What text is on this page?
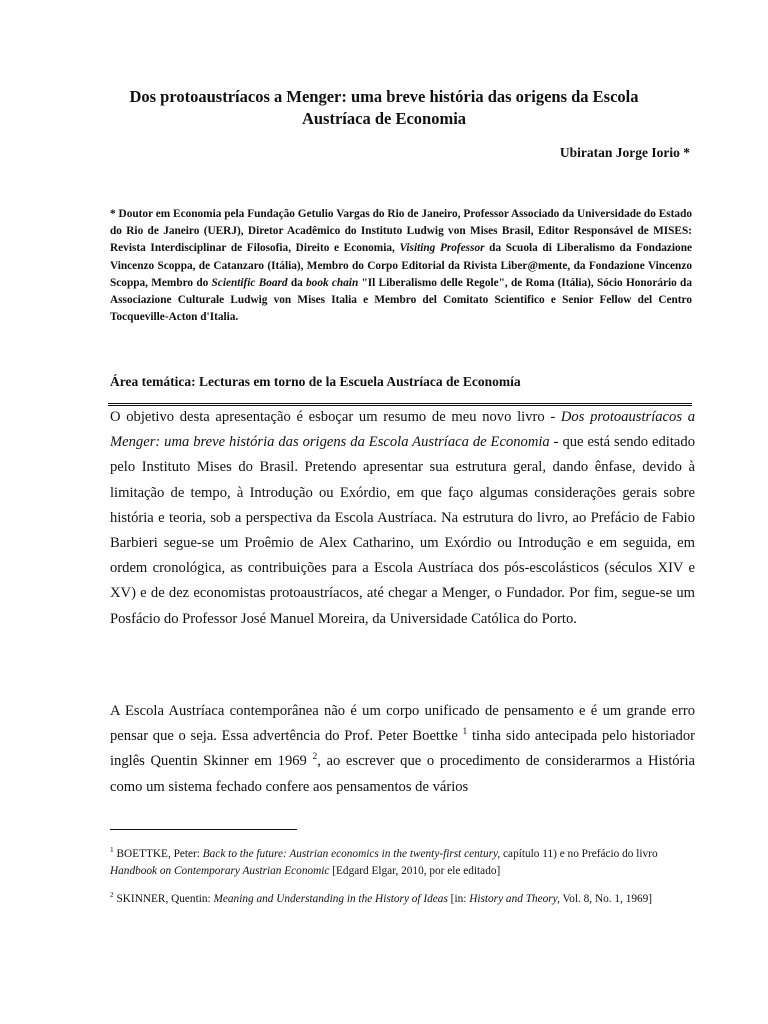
Dos protoaustríacos a Menger: uma breve história das origens da Escola Austríaca de Economia
Ubiratan Jorge Iorio *
* Doutor em Economia pela Fundação Getulio Vargas do Rio de Janeiro, Professor Associado da Universidade do Estado do Rio de Janeiro (UERJ), Diretor Acadêmico do Instituto Ludwig von Mises Brasil, Editor Responsável de MISES: Revista Interdisciplinar de Filosofia, Direito e Economia, Visiting Professor da Scuola di Liberalismo da Fondazione Vincenzo Scoppa, de Catanzaro (Itália), Membro do Corpo Editorial da Rivista Liber@mente, da Fondazione Vincenzo Scoppa, Membro do Scientific Board da book chain "Il Liberalismo delle Regole", de Roma (Itália), Sócio Honorário da Associazione Culturale Ludwig von Mises Italia e Membro del Comitato Scientifico e Senior Fellow del Centro Tocqueville-Acton d'Italia.
Área temática: Lecturas em torno de la Escuela Austríaca de Economía

O objetivo desta apresentação é esboçar um resumo de meu novo livro - Dos protoaustríacos a Menger: uma breve história das origens da Escola Austríaca de Economia - que está sendo editado pelo Instituto Mises do Brasil. Pretendo apresentar sua estrutura geral, dando ênfase, devido à limitação de tempo, à Introdução ou Exórdio, em que faço algumas considerações gerais sobre história e teoria, sob a perspectiva da Escola Austríaca. Na estrutura do livro, ao Prefácio de Fabio Barbieri segue-se um Proêmio de Alex Catharino, um Exórdio ou Introdução e em seguida, em ordem cronológica, as contribuições para a Escola Austríaca dos pós-escolásticos (séculos XIV e XV) e de dez economistas protoaustríacos, até chegar a Menger, o Fundador. Por fim, segue-se um Posfácio do Professor José Manuel Moreira, da Universidade Católica do Porto.

A Escola Austríaca contemporânea não é um corpo unificado de pensamento e é um grande erro pensar que o seja. Essa advertência do Prof. Peter Boettke $^1$ tinha sido antecipada pelo historiador inglês Quentin Skinner em 1969 $^2$, ao escrever que o procedimento de considerarmos a História como um sistema fechado confere aos pensamentos de vários

$^1$ BOETTKE, Peter: Back to the future: Austrian economics in the twenty-first century, capítulo 11) e no Prefácio do livro Handbook on Contemporary Austrian Economic [Edgard Elgar, 2010, por ele editado]
$^2$ SKINNER, Quentin: Meaning and Understanding in the History of Ideas [in: History and Theory, Vol. 8, No. 1, 1969]
